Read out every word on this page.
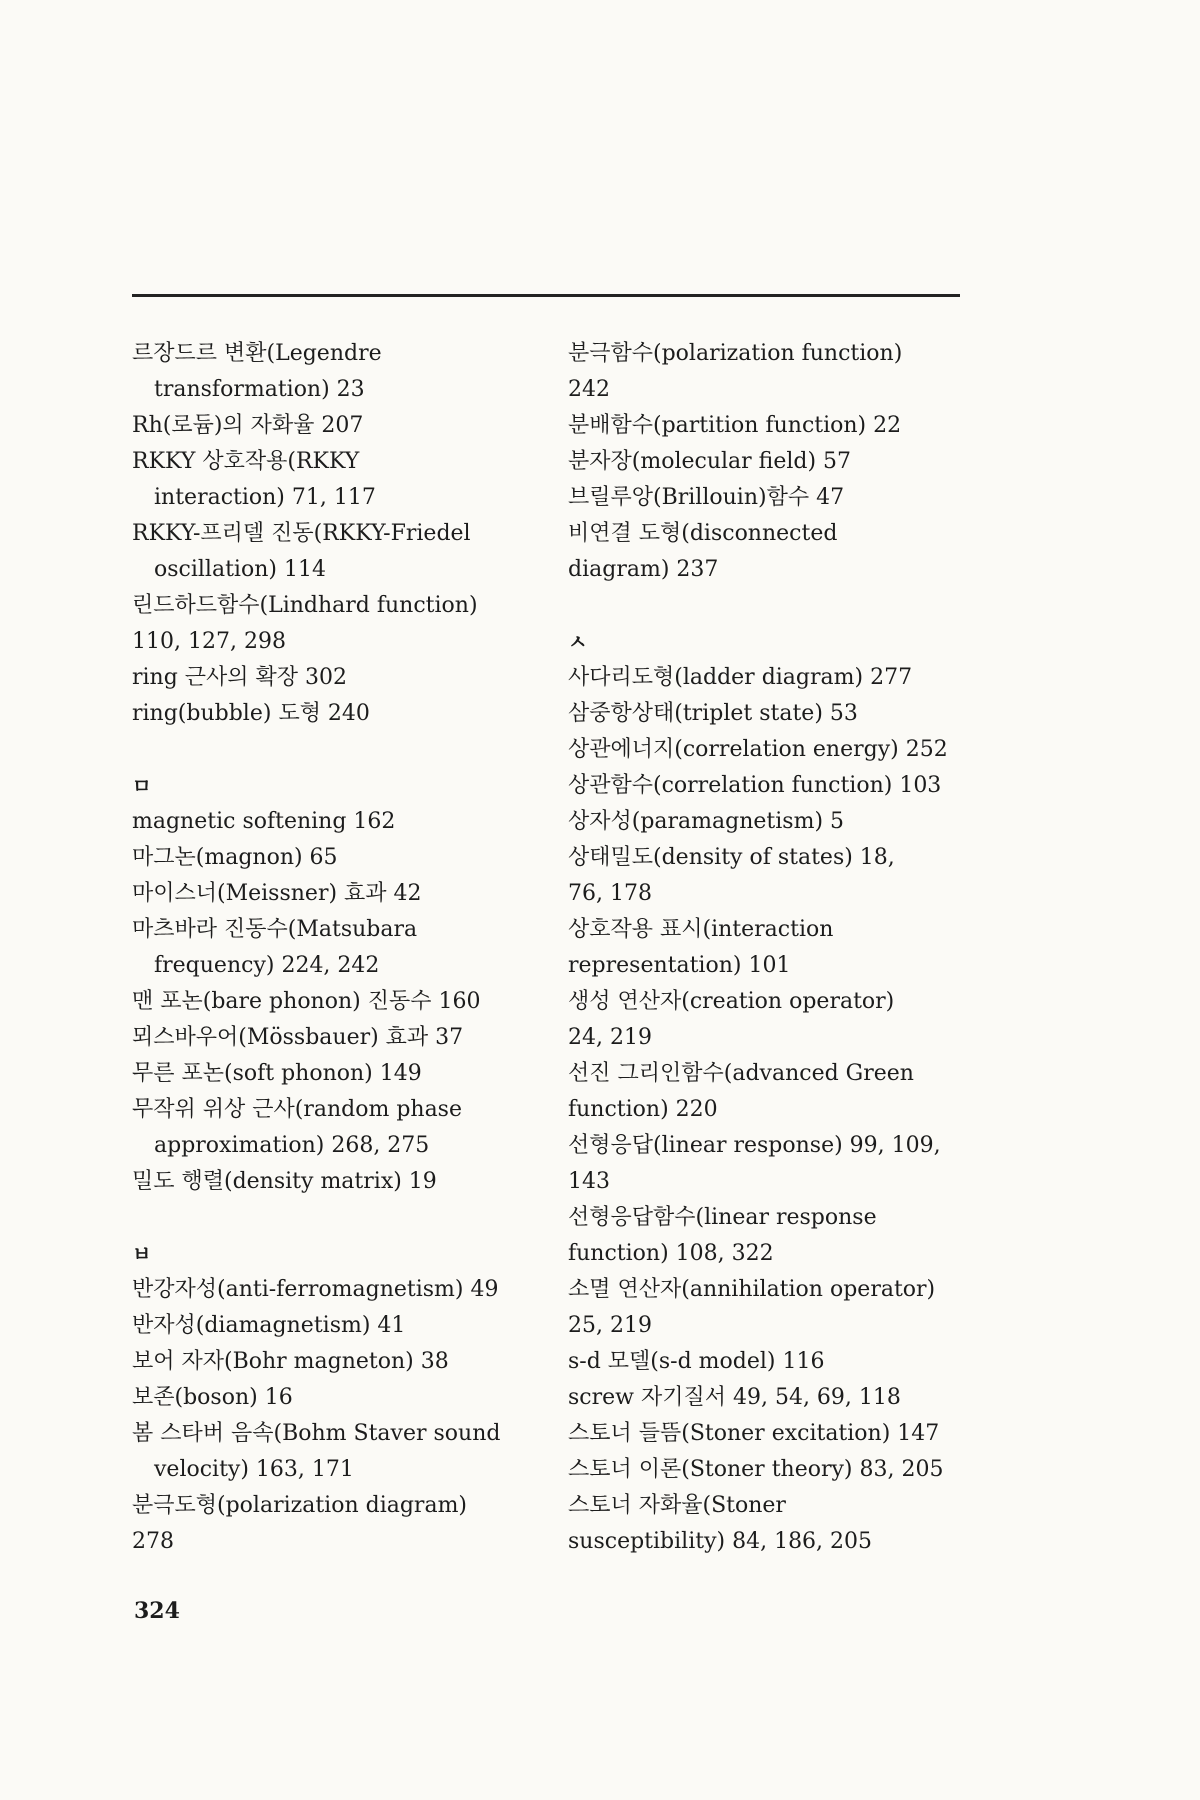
르장드르 변환(Legendre
transformation) 23
Rh(로듐)의 자화율 207
RKKY 상호작용(RKKY
interaction) 71, 117
RKKY-프리델 진동(RKKY-Friedel
oscillation) 114
린드하드함수(Lindhard function)
110, 127, 298
ring 근사의 확장 302
ring(bubble) 도형 240
ㅁ
magnetic softening 162
마그논(magnon) 65
마이스너(Meissner) 효과 42
마츠바라 진동수(Matsubara
frequency) 224, 242
맨 포논(bare phonon) 진동수 160
뫼스바우어(Mössbauer) 효과 37
무른 포논(soft phonon) 149
무작위 위상 근사(random phase
approximation) 268, 275
밀도 행렬(density matrix) 19
ㅂ
반강자성(anti-ferromagnetism) 49
반자성(diamagnetism) 41
보어 자자(Bohr magneton) 38
보존(boson) 16
봄 스타버 음속(Bohm Staver sound
velocity) 163, 171
분극도형(polarization diagram)
278
분극함수(polarization function)
242
분배함수(partition function) 22
분자장(molecular field) 57
브릴루앙(Brillouin)함수 47
비연결 도형(disconnected
diagram) 237
ㅅ
사다리도형(ladder diagram) 277
삼중항상태(triplet state) 53
상관에너지(correlation energy) 252
상관함수(correlation function) 103
상자성(paramagnetism) 5
상태밀도(density of states) 18,
76, 178
상호작용 표시(interaction
representation) 101
생성 연산자(creation operator)
24, 219
선진 그리인함수(advanced Green
function) 220
선형응답(linear response) 99, 109,
143
선형응답함수(linear response
function) 108, 322
소멸 연산자(annihilation operator)
25, 219
s-d 모델(s-d model) 116
screw 자기질서 49, 54, 69, 118
스토너 들뜸(Stoner excitation) 147
스토너 이론(Stoner theory) 83, 205
스토너 자화율(Stoner
susceptibility) 84, 186, 205
324
